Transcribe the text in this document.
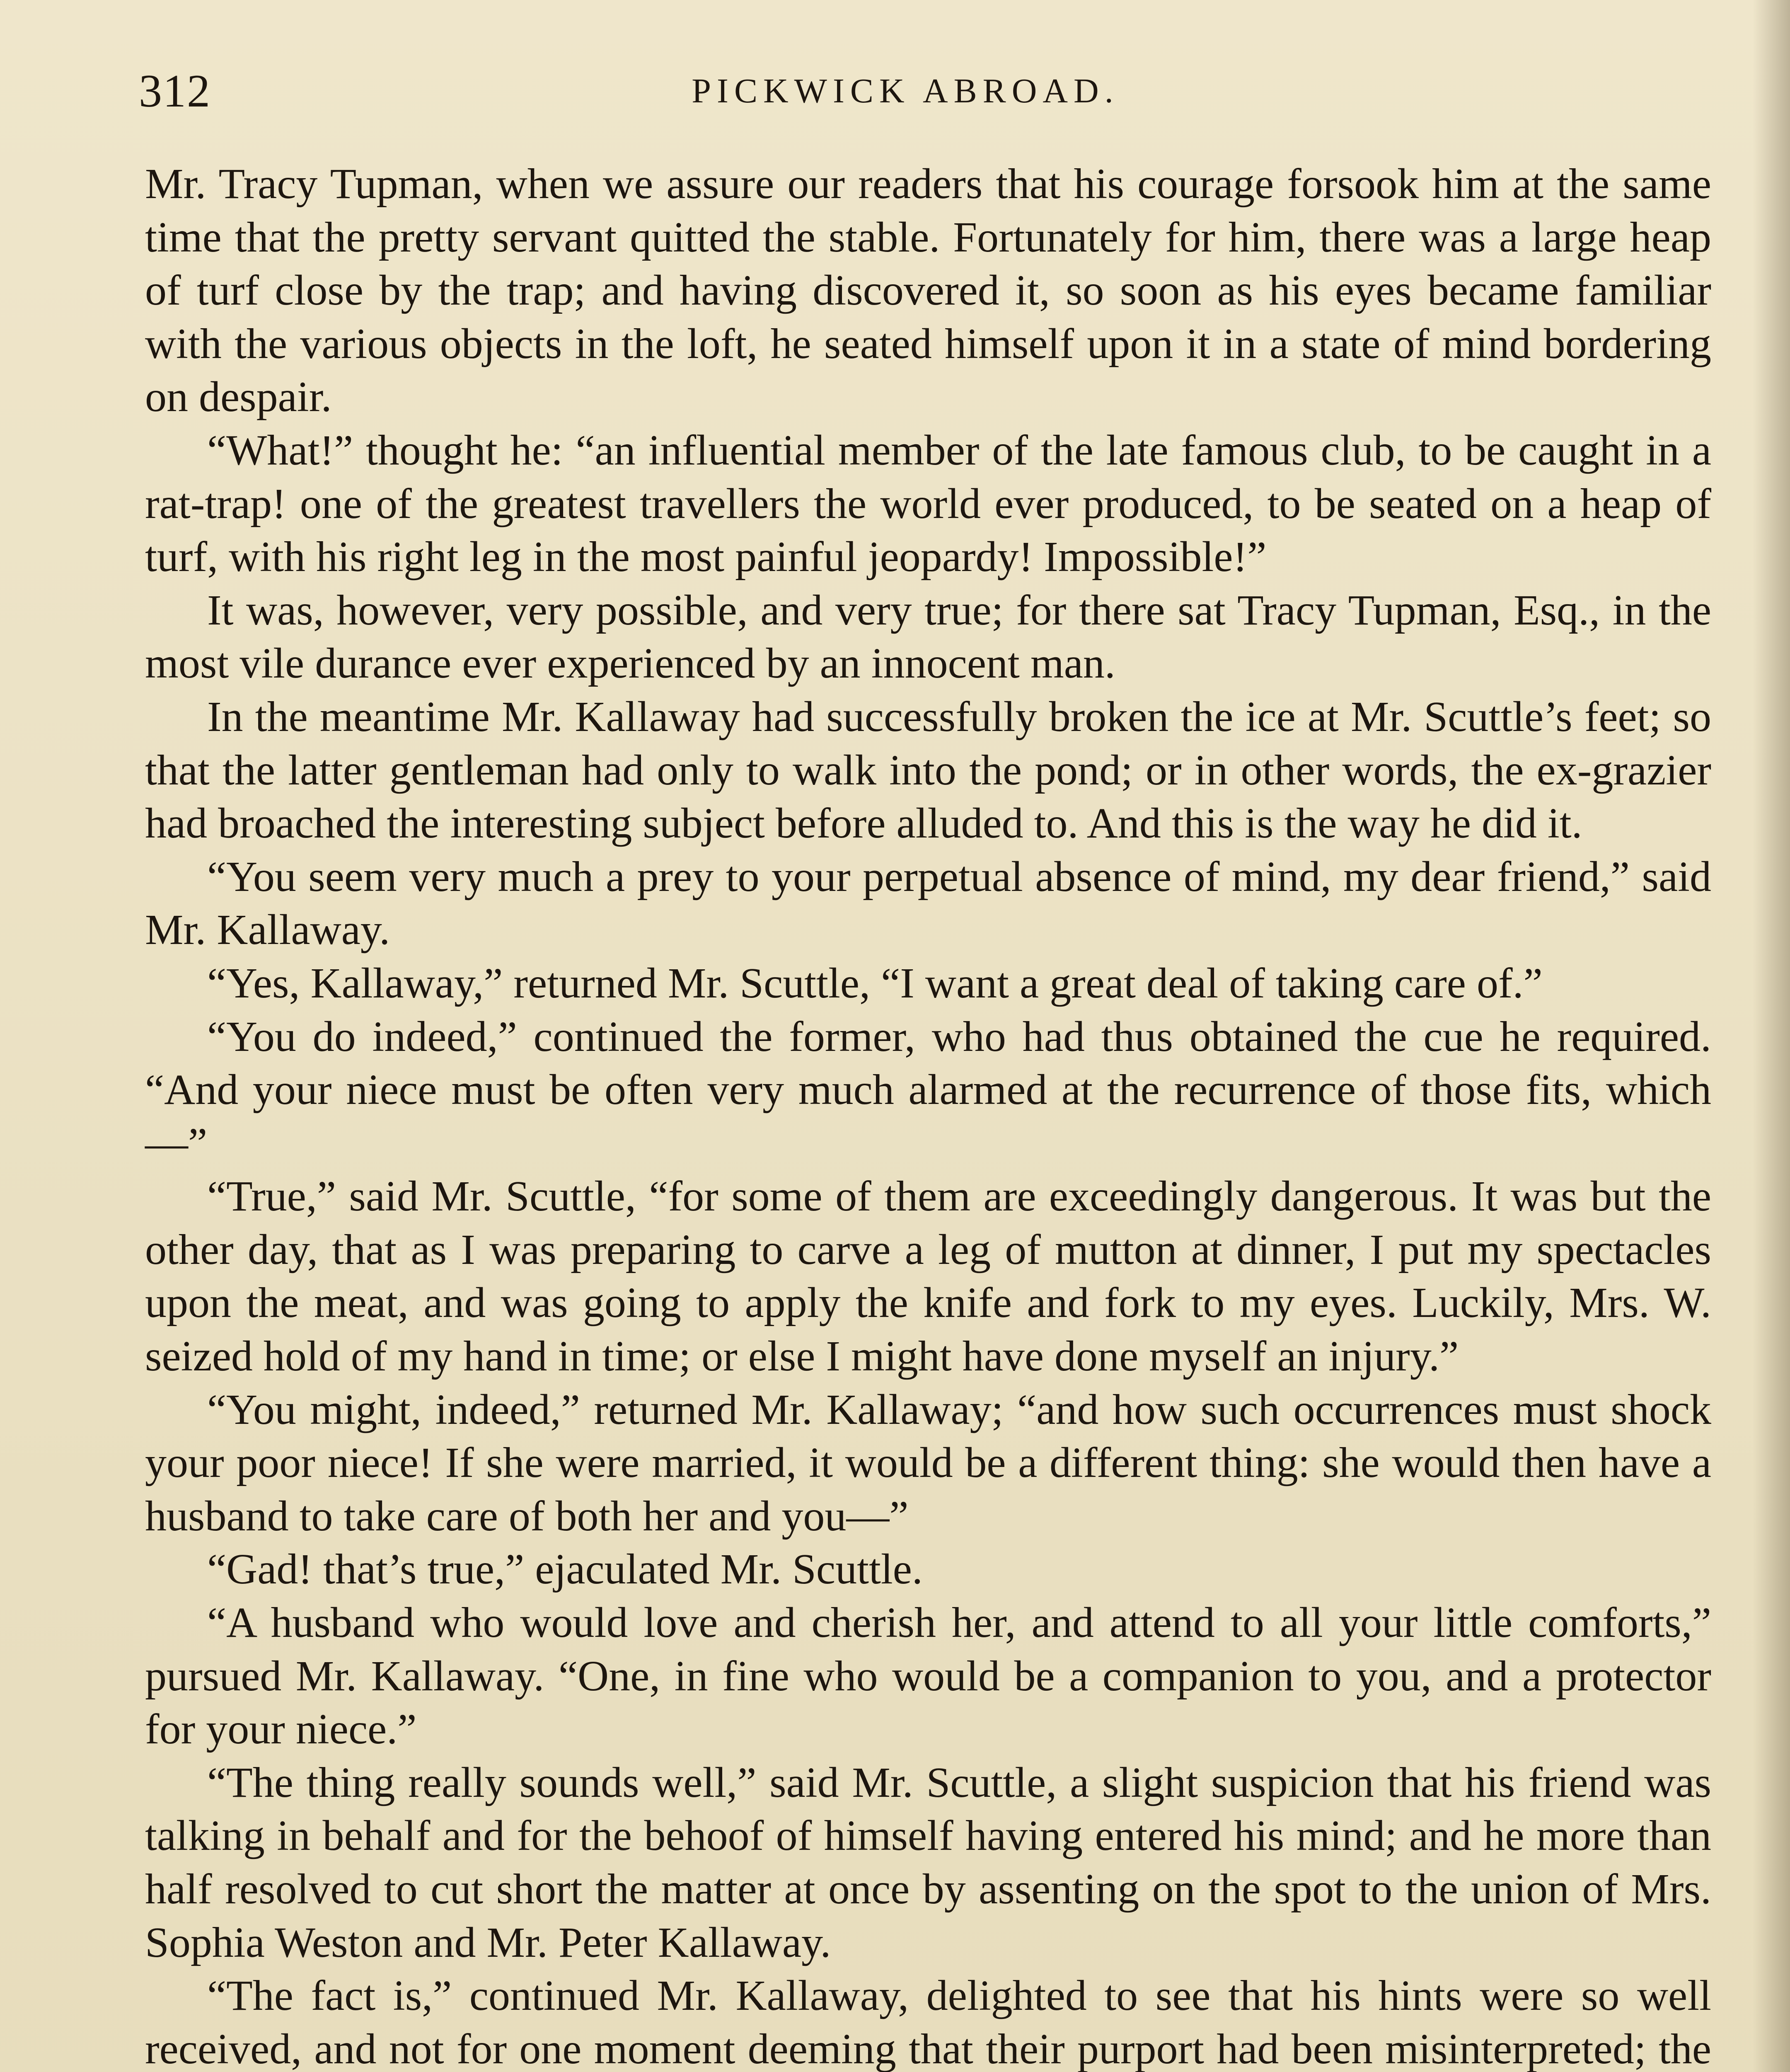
312	PICKWICK ABROAD.

Mr. Tracy Tupman, when we assure our readers that his courage forsook him at the same time that the pretty servant quitted the stable. Fortunately for him, there was a large heap of turf close by the trap; and having discovered it, so soon as his eyes became familiar with the various objects in the loft, he seated himself upon it in a state of mind bordering on despair.

“What!” thought he: “an influential member of the late famous club, to be caught in a rat-trap! one of the greatest travellers the world ever produced, to be seated on a heap of turf, with his right leg in the most painful jeopardy! Impossible!”

It was, however, very possible, and very true; for there sat Tracy Tupman, Esq., in the most vile durance ever experienced by an innocent man.

In the meantime Mr. Kallaway had successfully broken the ice at Mr. Scuttle’s feet; so that the latter gentleman had only to walk into the pond; or in other words, the ex-grazier had broached the interesting subject before alluded to. And this is the way he did it.

“You seem very much a prey to your perpetual absence of mind, my dear friend,” said Mr. Kallaway.

“Yes, Kallaway,” returned Mr. Scuttle, “I want a great deal of taking care of.”

“You do indeed,” continued the former, who had thus obtained the cue he required. “And your niece must be often very much alarmed at the recurrence of those fits, which—”

“True,” said Mr. Scuttle, “for some of them are exceedingly dangerous. It was but the other day, that as I was preparing to carve a leg of mutton at dinner, I put my spectacles upon the meat, and was going to apply the knife and fork to my eyes. Luckily, Mrs. W. seized hold of my hand in time; or else I might have done myself an injury.”

“You might, indeed,” returned Mr. Kallaway; “and how such occurrences must shock your poor niece! If she were married, it would be a different thing: she would then have a husband to take care of both her and you—”

“Gad! that’s true,” ejaculated Mr. Scuttle.

“A husband who would love and cherish her, and attend to all your little comforts,” pursued Mr. Kallaway. “One, in fine who would be a companion to you, and a protector for your niece.”

“The thing really sounds well,” said Mr. Scuttle, a slight suspicion that his friend was talking in behalf and for the behoof of himself having entered his mind; and he more than half resolved to cut short the matter at once by assenting on the spot to the union of Mrs. Sophia Weston and Mr. Peter Kallaway.

“The fact is,” continued Mr. Kallaway, delighted to see that his hints were so well received, and not for one moment deeming that their purport had been misinterpreted; the
